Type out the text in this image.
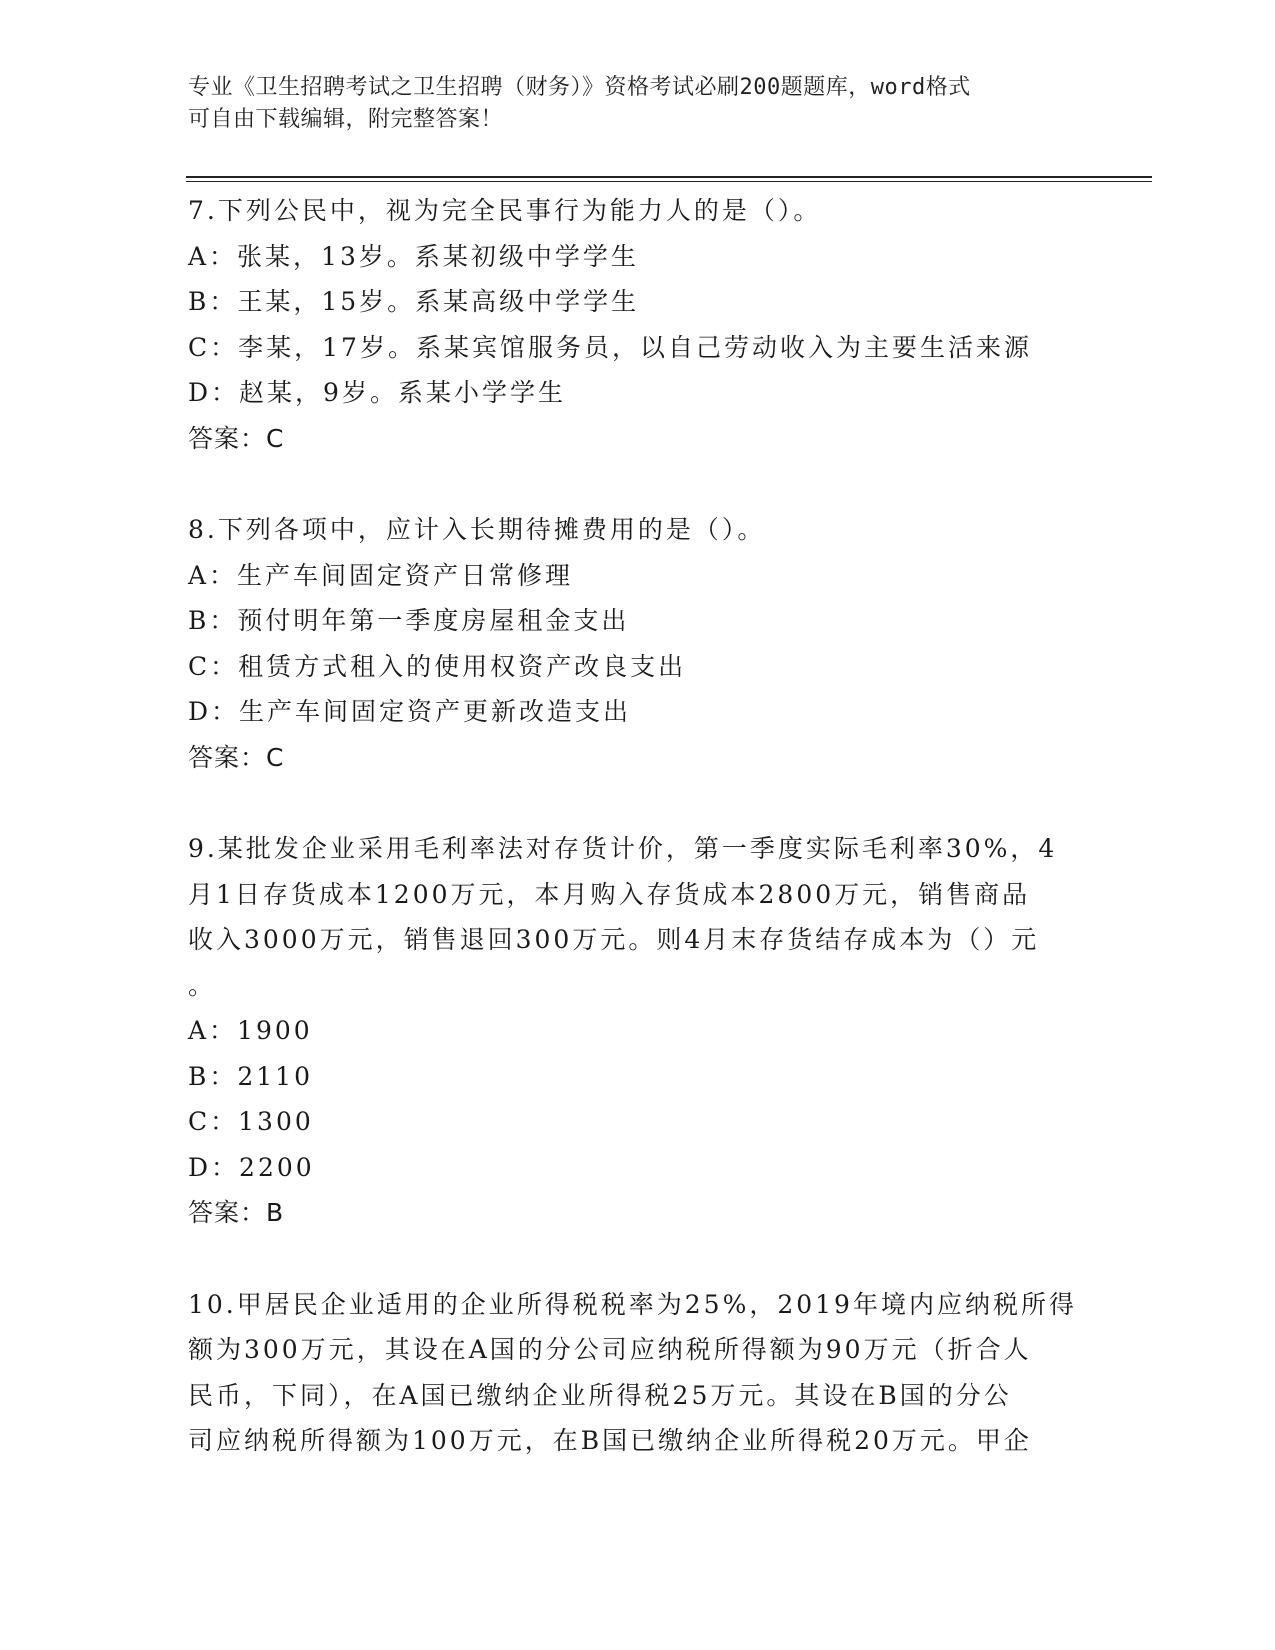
专业《卫生招聘考试之卫生招聘（财务）》资格考试必刷200题题库，word格式
可自由下载编辑，附完整答案！
7.下列公民中，视为完全民事行为能力人的是（）。
A：张某，13岁。系某初级中学学生
B：王某，15岁。系某高级中学学生
C：李某，17岁。系某宾馆服务员，以自己劳动收入为主要生活来源
D：赵某，9岁。系某小学学生
答案：C
8.下列各项中，应计入长期待摊费用的是（）。
A：生产车间固定资产日常修理
B：预付明年第一季度房屋租金支出
C：租赁方式租入的使用权资产改良支出
D：生产车间固定资产更新改造支出
答案：C
9.某批发企业采用毛利率法对存货计价，第一季度实际毛利率30%，4
月1日存货成本1200万元，本月购入存货成本2800万元，销售商品
收入3000万元，销售退回300万元。则4月末存货结存成本为（）元
。
A：1900
B：2110
C：1300
D：2200
答案：B
10.甲居民企业适用的企业所得税税率为25%，2019年境内应纳税所得
额为300万元，其设在A国的分公司应纳税所得额为90万元（折合人
民币，下同），在A国已缴纳企业所得税25万元。其设在B国的分公
司应纳税所得额为100万元，在B国已缴纳企业所得税20万元。甲企
